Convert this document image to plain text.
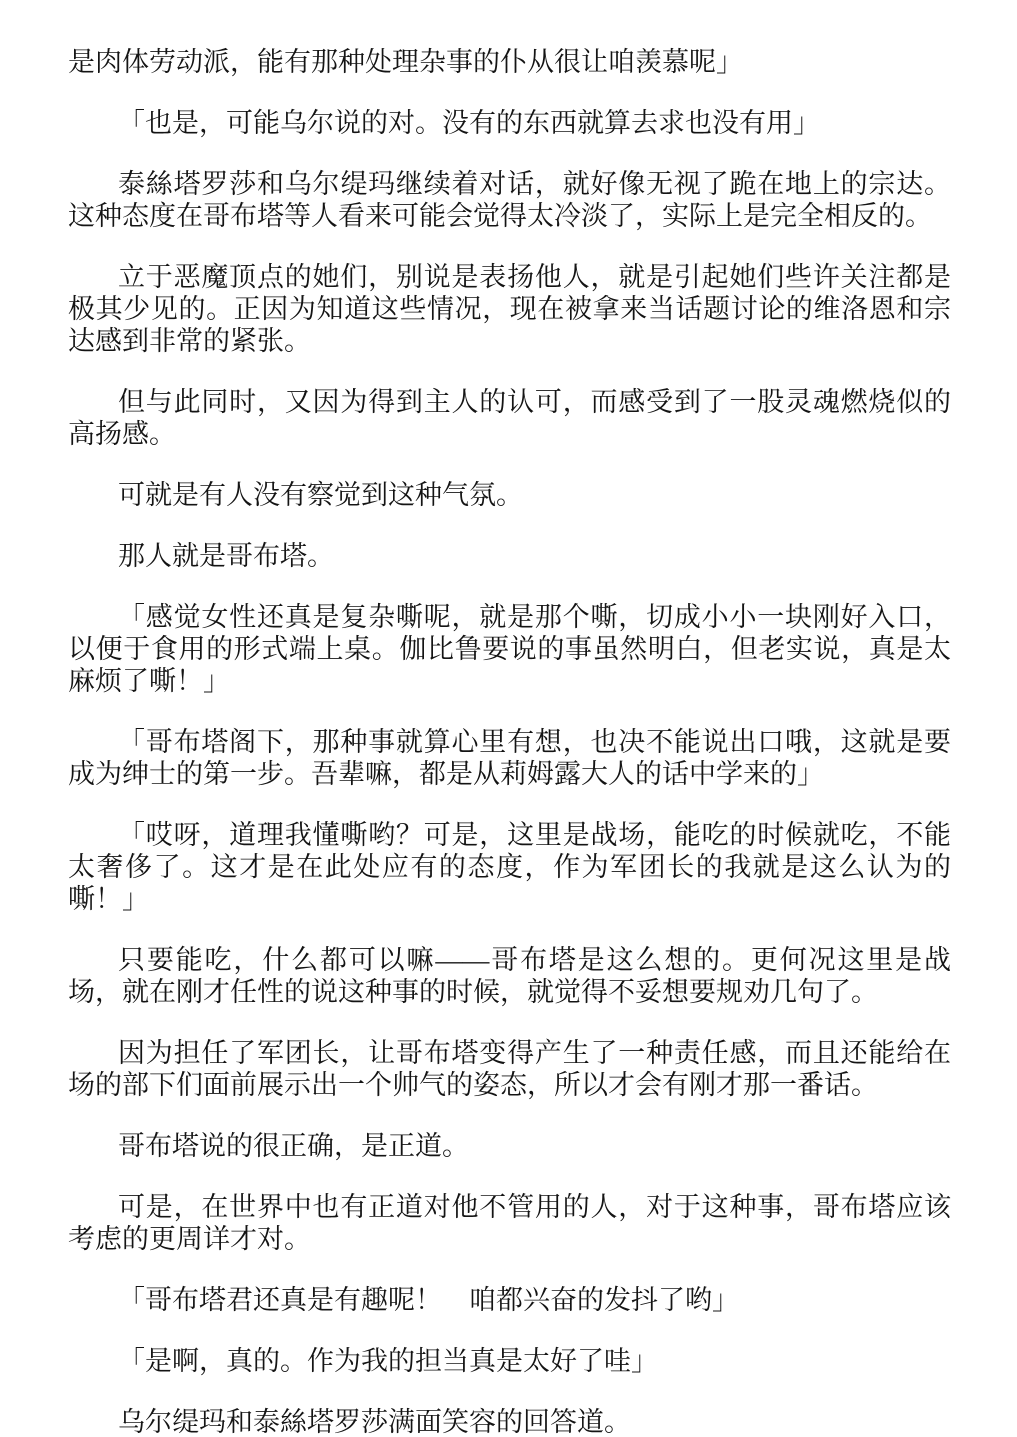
是肉体劳动派，能有那种处理杂事的仆从很让咱羡慕呢」

「也是，可能乌尔说的对。没有的东西就算去求也没有用」

泰絲塔罗莎和乌尔缇玛继续着对话，就好像无视了跪在地上的宗达。这种态度在哥布塔等人看来可能会觉得太冷淡了，实际上是完全相反的。

立于恶魔顶点的她们，别说是表扬他人，就是引起她们些许关注都是极其少见的。正因为知道这些情况，现在被拿来当话题讨论的维洛恩和宗达感到非常的紧张。

但与此同时，又因为得到主人的认可，而感受到了一股灵魂燃烧似的高扬感。

可就是有人没有察觉到这种气氛。

那人就是哥布塔。

「感觉女性还真是复杂嘶呢，就是那个嘶，切成小小一块刚好入口，以便于食用的形式端上桌。伽比鲁要说的事虽然明白，但老实说，真是太麻烦了嘶！」

「哥布塔阁下，那种事就算心里有想，也决不能说出口哦，这就是要成为绅士的第一步。吾辈嘛，都是从莉姆露大人的话中学来的」

「哎呀，道理我懂嘶哟？可是，这里是战场，能吃的时候就吃，不能太奢侈了。这才是在此处应有的态度，作为军团长的我就是这么认为的嘶！」

只要能吃，什么都可以嘛——哥布塔是这么想的。更何况这里是战场，就在刚才任性的说这种事的时候，就觉得不妥想要规劝几句了。

因为担任了军团长，让哥布塔变得产生了一种责任感，而且还能给在场的部下们面前展示出一个帅气的姿态，所以才会有刚才那一番话。

哥布塔说的很正确，是正道。

可是，在世界中也有正道对他不管用的人，对于这种事，哥布塔应该考虑的更周详才对。

「哥布塔君还真是有趣呢！　咱都兴奋的发抖了哟」

「是啊，真的。作为我的担当真是太好了哇」

乌尔缇玛和泰絲塔罗莎满面笑容的回答道。
